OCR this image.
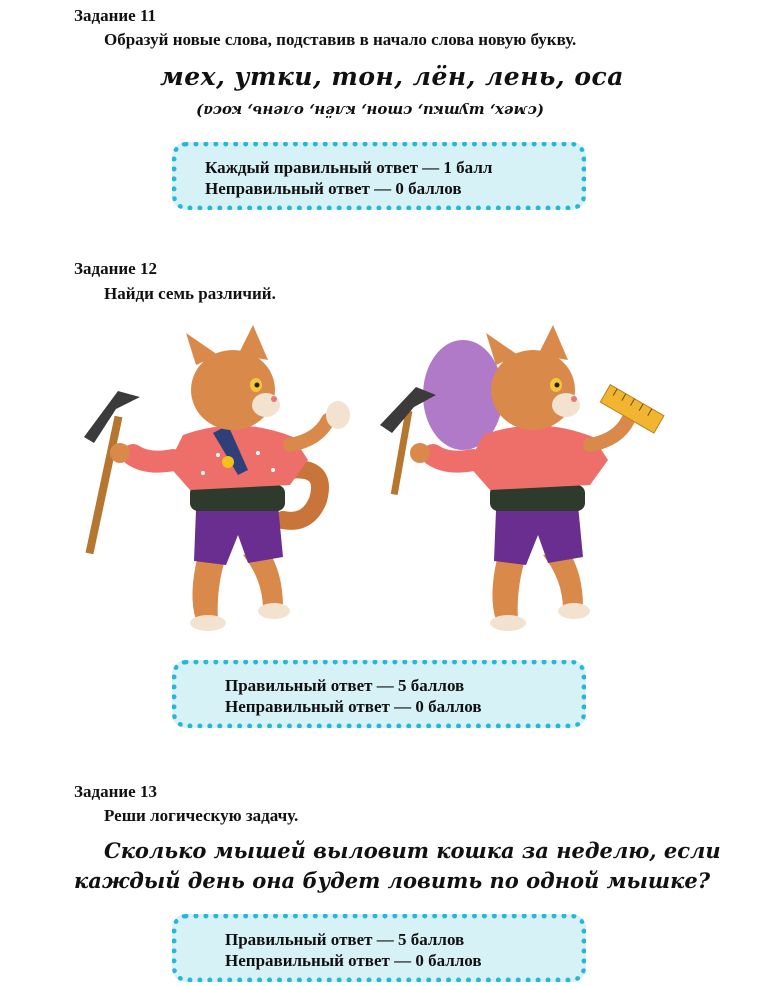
Задание 11
Образуй новые слова, подставив в начало слова новую букву.
мех, утки, тон, лён, лень, оса
(смех, шутки, стон, клён, олень, коса)
Каждый правильный ответ — 1 балл
Неправильный ответ — 0 баллов
Задание 12
Найди семь различий.
Правильный ответ — 5 баллов
Неправильный ответ — 0 баллов
Задание 13
Реши логическую задачу.
Сколько мышей выловит кошка за неделю, если
каждый день она будет ловить по одной мышке?
Правильный ответ — 5 баллов
Неправильный ответ — 0 баллов
